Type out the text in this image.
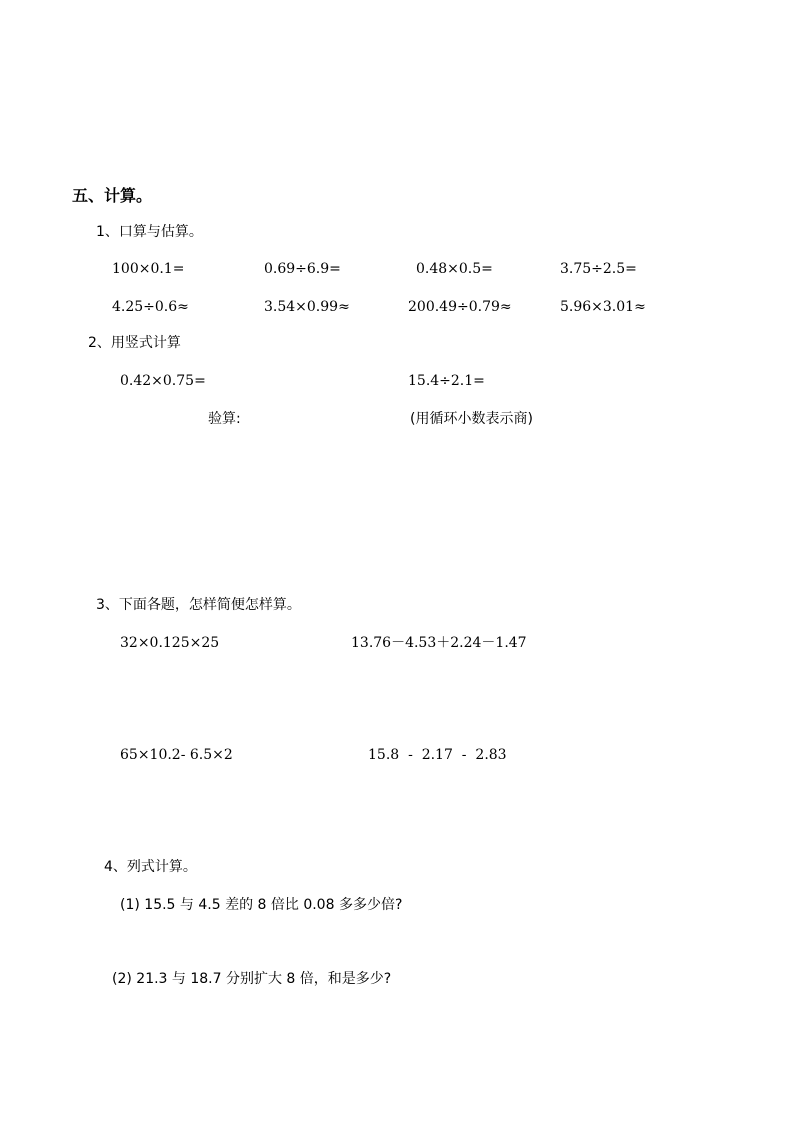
五、计算。
1、口算与估算。
100×0.1=	0.69÷6.9=	0.48×0.5=	3.75÷2.5=
4.25÷0.6≈	3.54×0.99≈	200.49÷0.79≈	5.96×3.01≈
2、用竖式计算
0.42×0.75=	15.4÷2.1=
验算:	(用循环小数表示商)
3、下面各题，怎样简便怎样算。
32×0.125×25	13.76－4.53＋2.24－1.47
65×10.2- 6.5×2	15.8  -  2.17  -  2.83
4、列式计算。
(1) 15.5 与 4.5 差的 8 倍比 0.08 多多少倍?
(2) 21.3 与 18.7 分别扩大 8 倍，和是多少?
